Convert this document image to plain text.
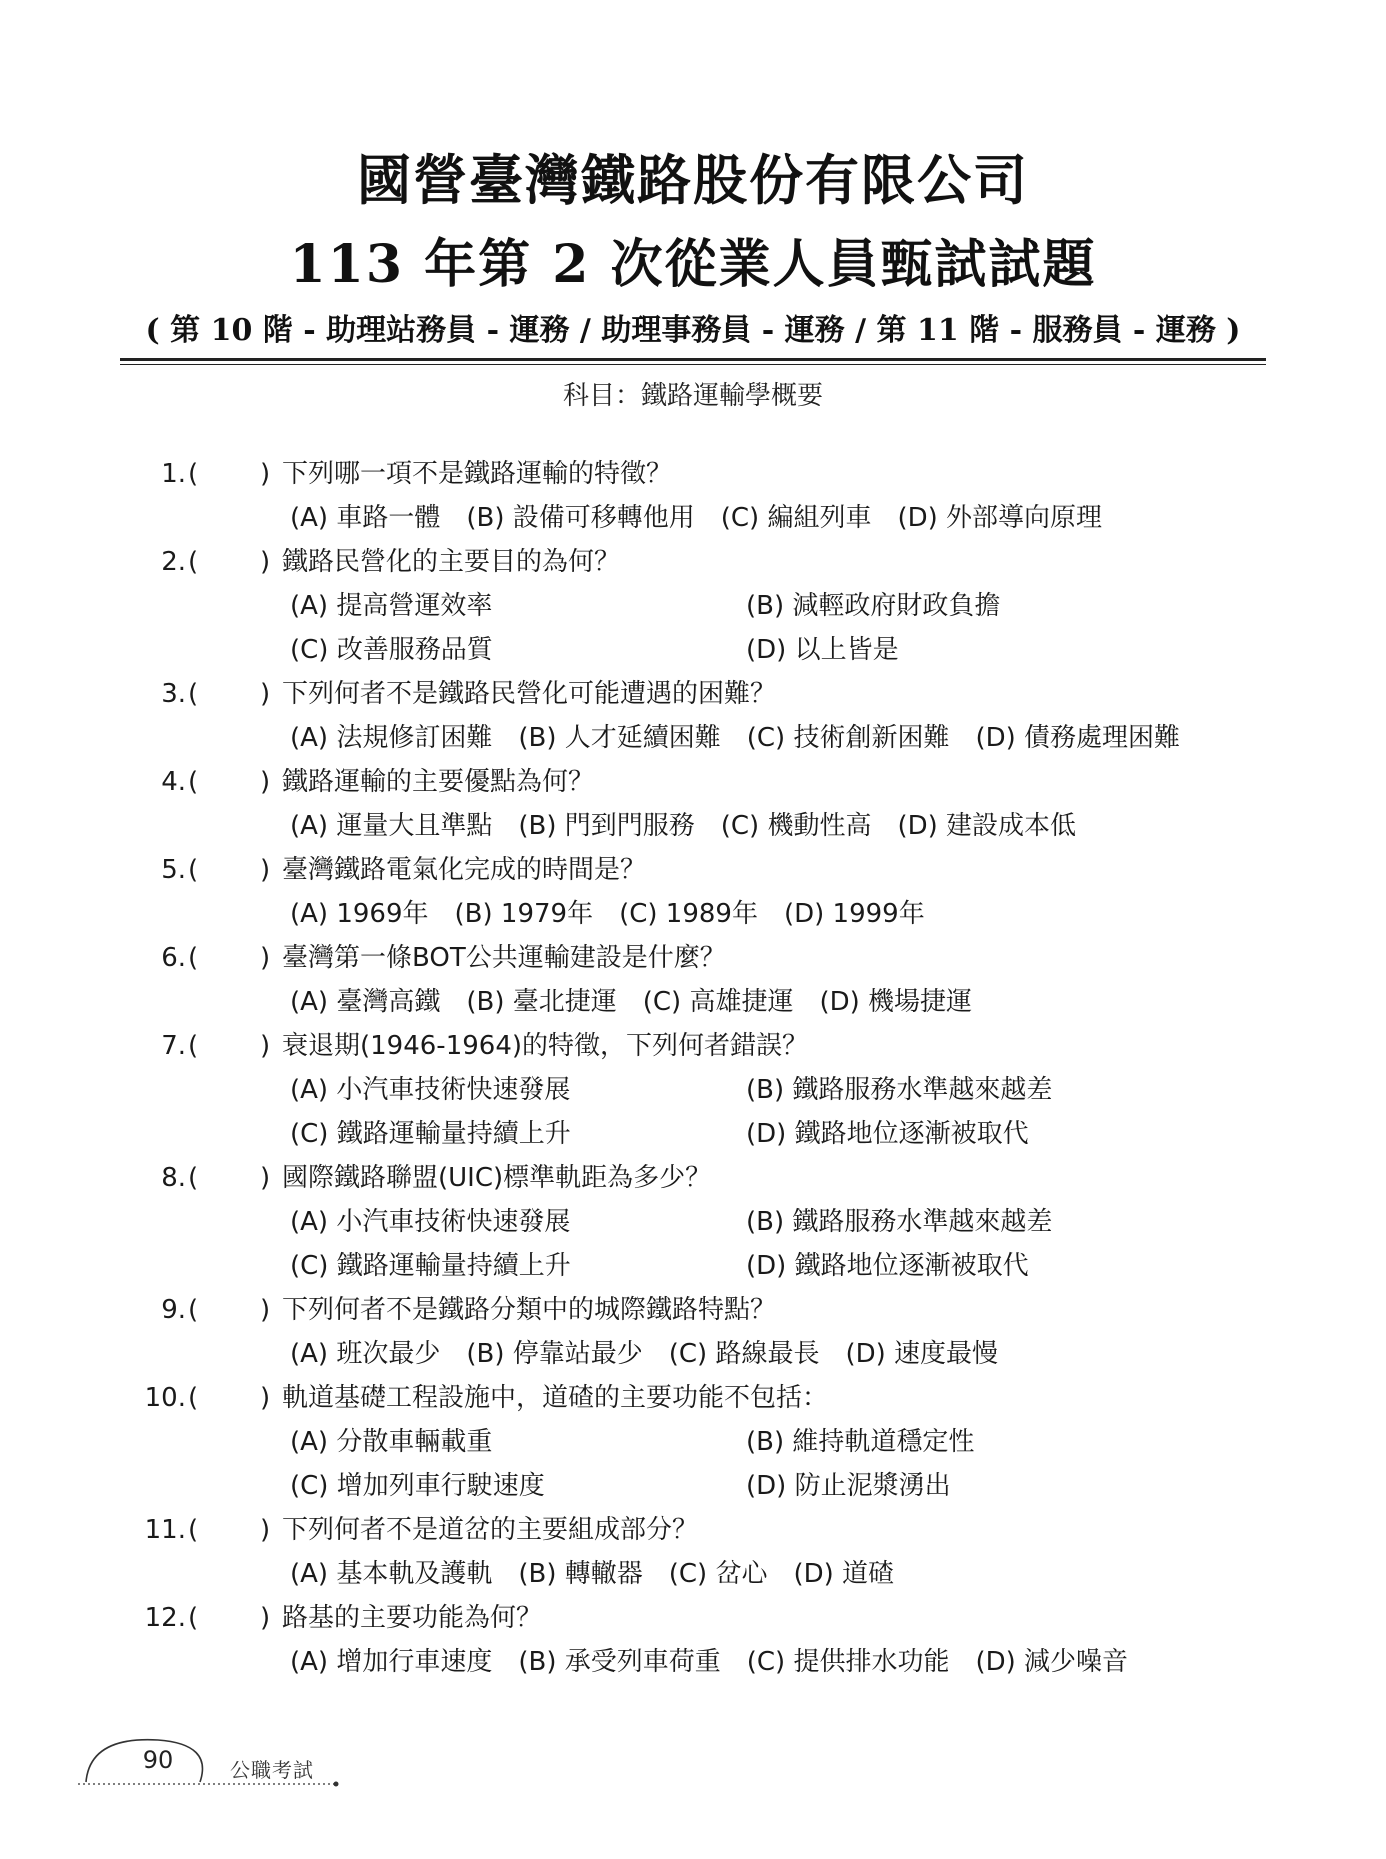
國營臺灣鐵路股份有限公司
113 年第 2 次從業人員甄試試題
( 第 10 階 - 助理站務員 - 運務 / 助理事務員 - 運務 / 第 11 階 - 服務員 - 運務 )
科目：鐵路運輸學概要
1. ( ) 下列哪一項不是鐵路運輸的特徵？
(A) 車路一體 (B) 設備可移轉他用 (C) 編組列車 (D) 外部導向原理
2. ( ) 鐵路民營化的主要目的為何？
(A) 提高營運效率	(B) 減輕政府財政負擔
(C) 改善服務品質	(D) 以上皆是
3. ( ) 下列何者不是鐵路民營化可能遭遇的困難？
(A) 法規修訂困難 (B) 人才延續困難 (C) 技術創新困難 (D) 債務處理困難
4. ( ) 鐵路運輸的主要優點為何？
(A) 運量大且準點 (B) 門到門服務 (C) 機動性高 (D) 建設成本低
5. ( ) 臺灣鐵路電氣化完成的時間是？
(A) 1969年 (B) 1979年 (C) 1989年 (D) 1999年
6. ( ) 臺灣第一條BOT公共運輸建設是什麼？
(A) 臺灣高鐵 (B) 臺北捷運 (C) 高雄捷運 (D) 機場捷運
7. ( ) 衰退期(1946-1964)的特徵，下列何者錯誤？
(A) 小汽車技術快速發展	(B) 鐵路服務水準越來越差
(C) 鐵路運輸量持續上升	(D) 鐵路地位逐漸被取代
8. ( ) 國際鐵路聯盟(UIC)標準軌距為多少？
(A) 小汽車技術快速發展	(B) 鐵路服務水準越來越差
(C) 鐵路運輸量持續上升	(D) 鐵路地位逐漸被取代
9. ( ) 下列何者不是鐵路分類中的城際鐵路特點？
(A) 班次最少 (B) 停靠站最少 (C) 路線最長 (D) 速度最慢
10. ( ) 軌道基礎工程設施中，道碴的主要功能不包括：
(A) 分散車輛載重	(B) 維持軌道穩定性
(C) 增加列車行駛速度	(D) 防止泥漿湧出
11. ( ) 下列何者不是道岔的主要組成部分？
(A) 基本軌及護軌 (B) 轉轍器 (C) 岔心 (D) 道碴
12. ( ) 路基的主要功能為何？
(A) 增加行車速度 (B) 承受列車荷重 (C) 提供排水功能 (D) 減少噪音
90	公職考試
